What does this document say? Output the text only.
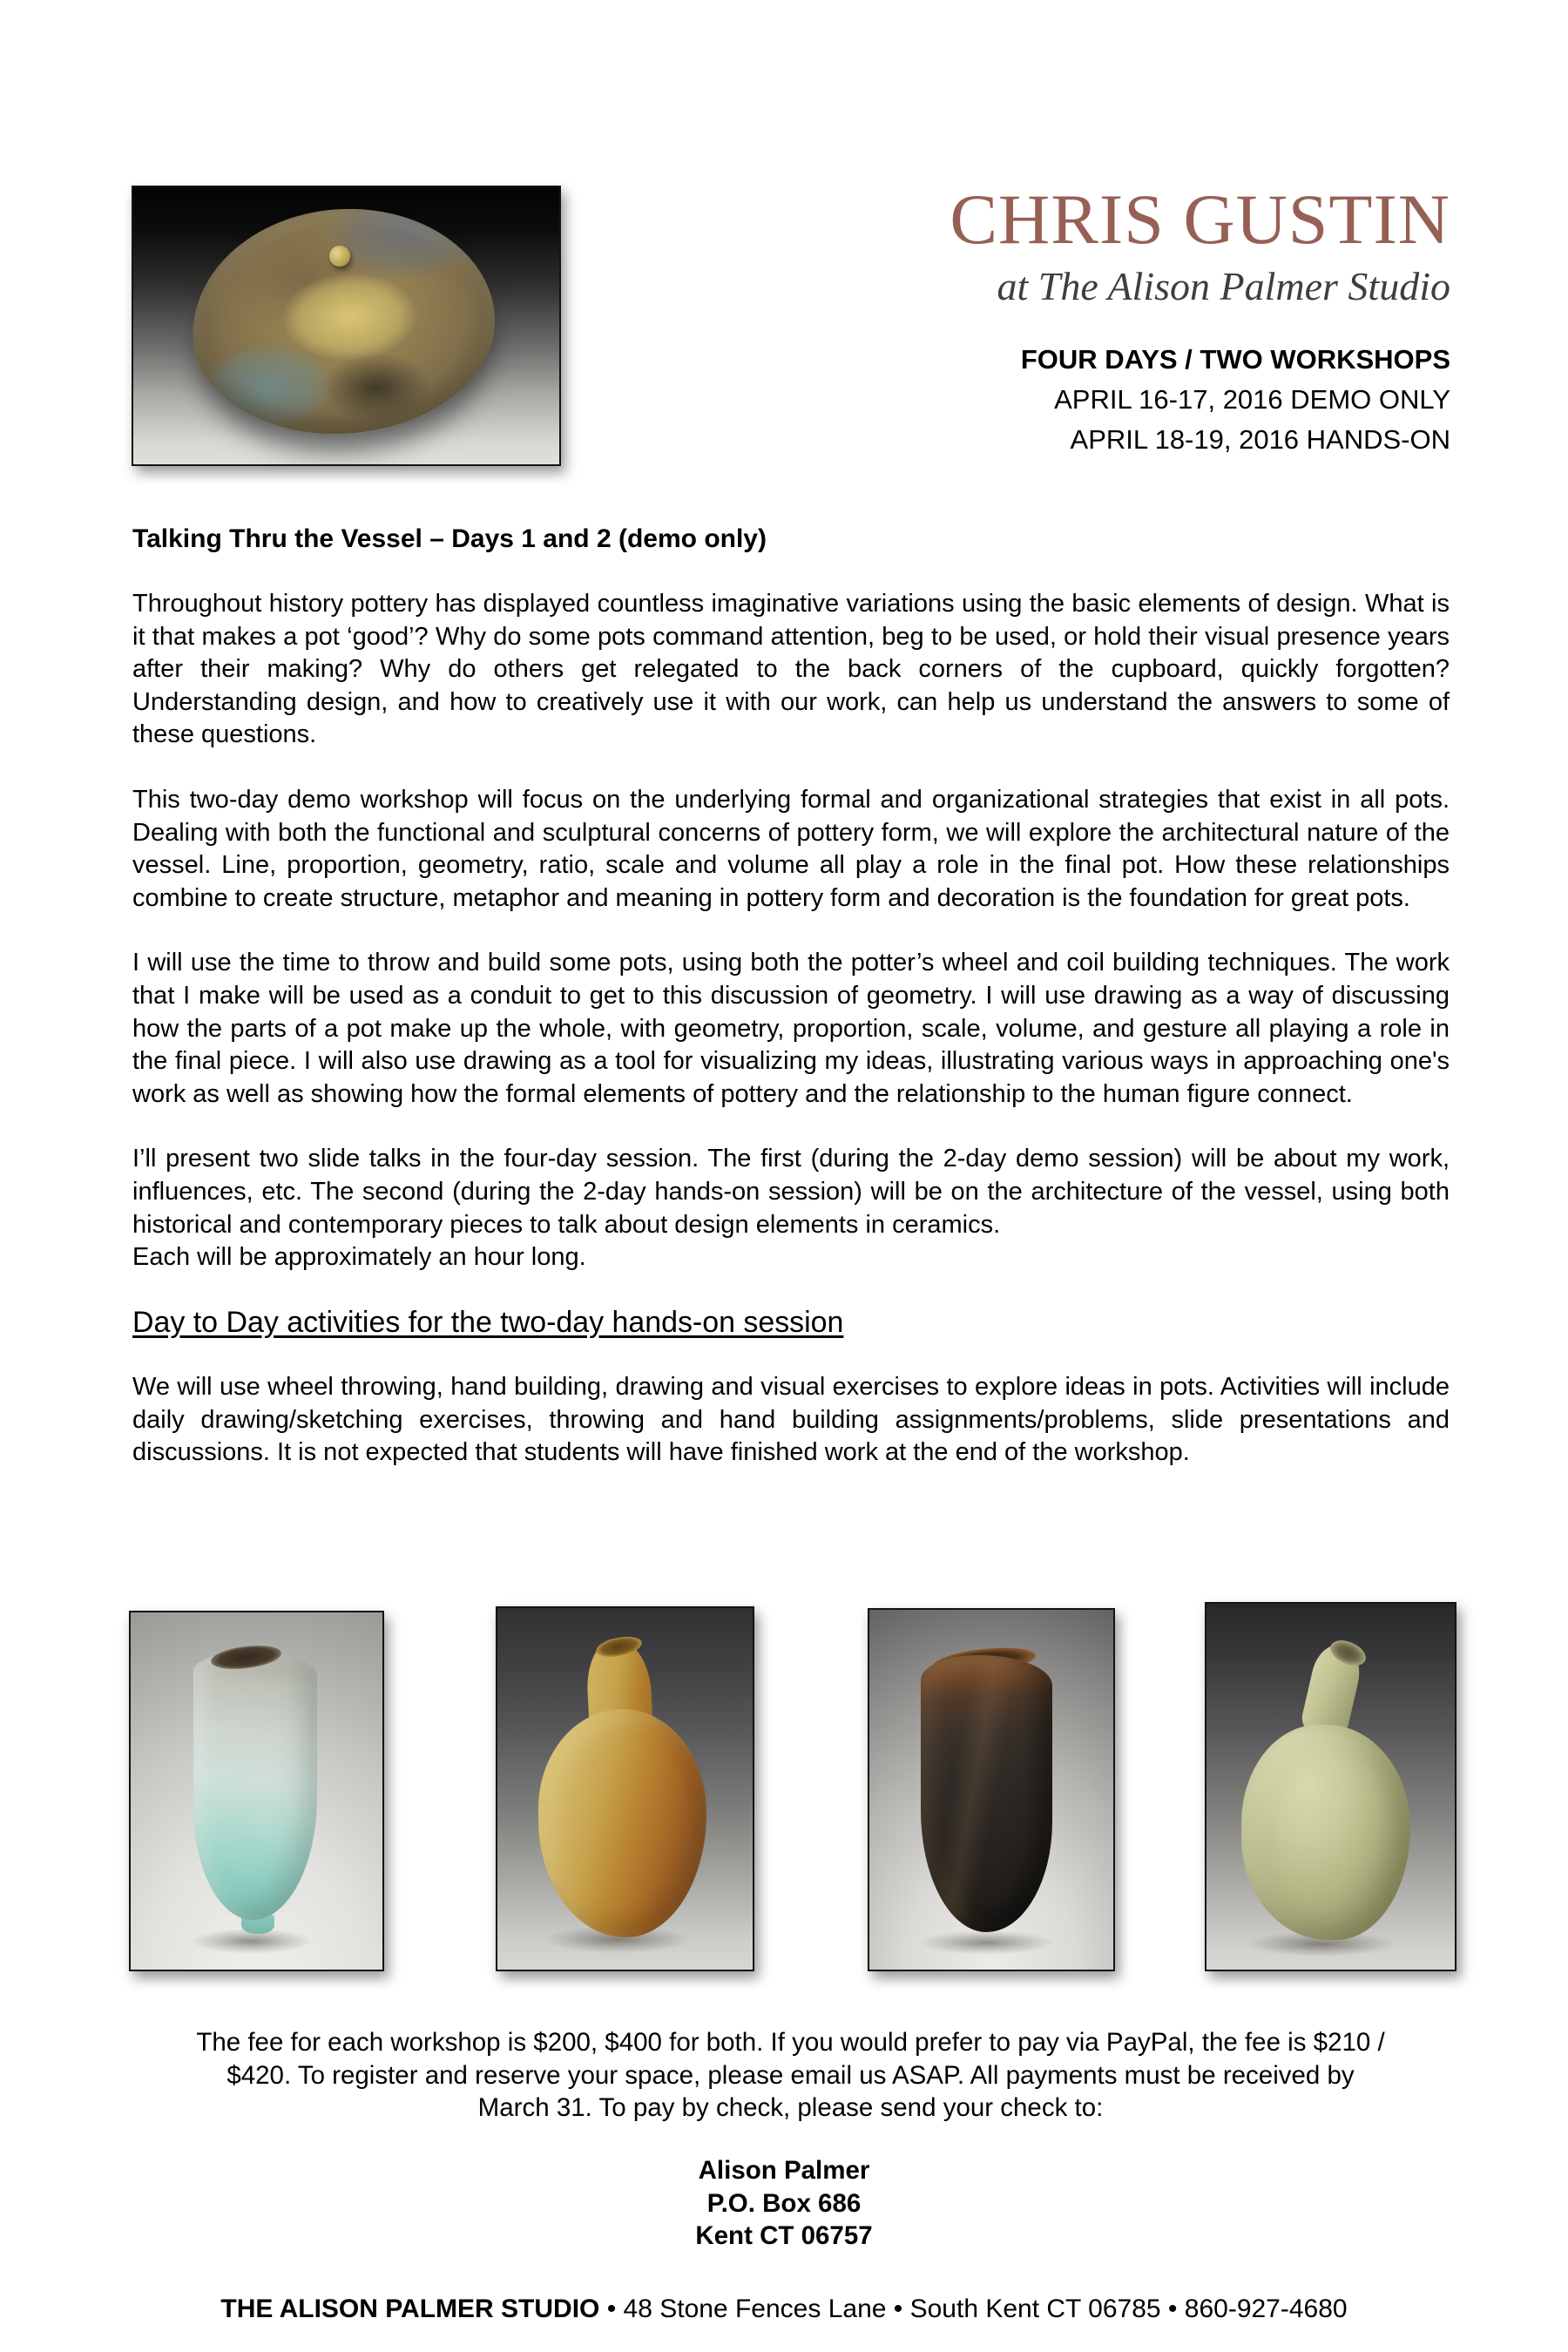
CHRIS GUSTIN
at The Alison Palmer Studio
FOUR DAYS / TWO WORKSHOPS
APRIL 16-17, 2016 DEMO ONLY
APRIL 18-19, 2016 HANDS-ON
Talking Thru the Vessel – Days 1 and 2 (demo only)

Throughout history pottery has displayed countless imaginative variations using the basic elements of design. What is it that makes a pot ‘good’? Why do some pots command attention, beg to be used, or hold their visual presence years after their making? Why do others get relegated to the back corners of the cupboard, quickly forgotten? Understanding design, and how to creatively use it with our work, can help us understand the answers to some of these questions.

This two-day demo workshop will focus on the underlying formal and organizational strategies that exist in all pots. Dealing with both the functional and sculptural concerns of pottery form, we will explore the architectural nature of the vessel. Line, proportion, geometry, ratio, scale and volume all play a role in the final pot. How these relationships combine to create structure, metaphor and meaning in pottery form and decoration is the foundation for great pots.

I will use the time to throw and build some pots, using both the potter’s wheel and coil building techniques. The work that I make will be used as a conduit to get to this discussion of geometry. I will use drawing as a way of discussing how the parts of a pot make up the whole, with geometry, proportion, scale, volume, and gesture all playing a role in the final piece. I will also use drawing as a tool for visualizing my ideas, illustrating various ways in approaching one's work as well as showing how the formal elements of pottery and the relationship to the human figure connect.

I’ll present two slide talks in the four-day session. The first (during the 2-day demo session) will be about my work, influences, etc. The second (during the 2-day hands-on session) will be on the architecture of the vessel, using both historical and contemporary pieces to talk about design elements in ceramics.

Each will be approximately an hour long.

Day to Day activities for the two-day hands-on session

We will use wheel throwing, hand building, drawing and visual exercises to explore ideas in pots. Activities will include daily drawing/sketching exercises, throwing and hand building assignments/problems, slide presentations and discussions. It is not expected that students will have finished work at the end of the workshop.

The fee for each workshop is $200, $400 for both. If you would prefer to pay via PayPal, the fee is $210 /
$420. To register and reserve your space, please email us ASAP. All payments must be received by
March 31. To pay by check, please send your check to:
Alison Palmer
P.O. Box 686
Kent CT 06757
THE ALISON PALMER STUDIO • 48 Stone Fences Lane • South Kent CT 06785 • 860-927-4680
